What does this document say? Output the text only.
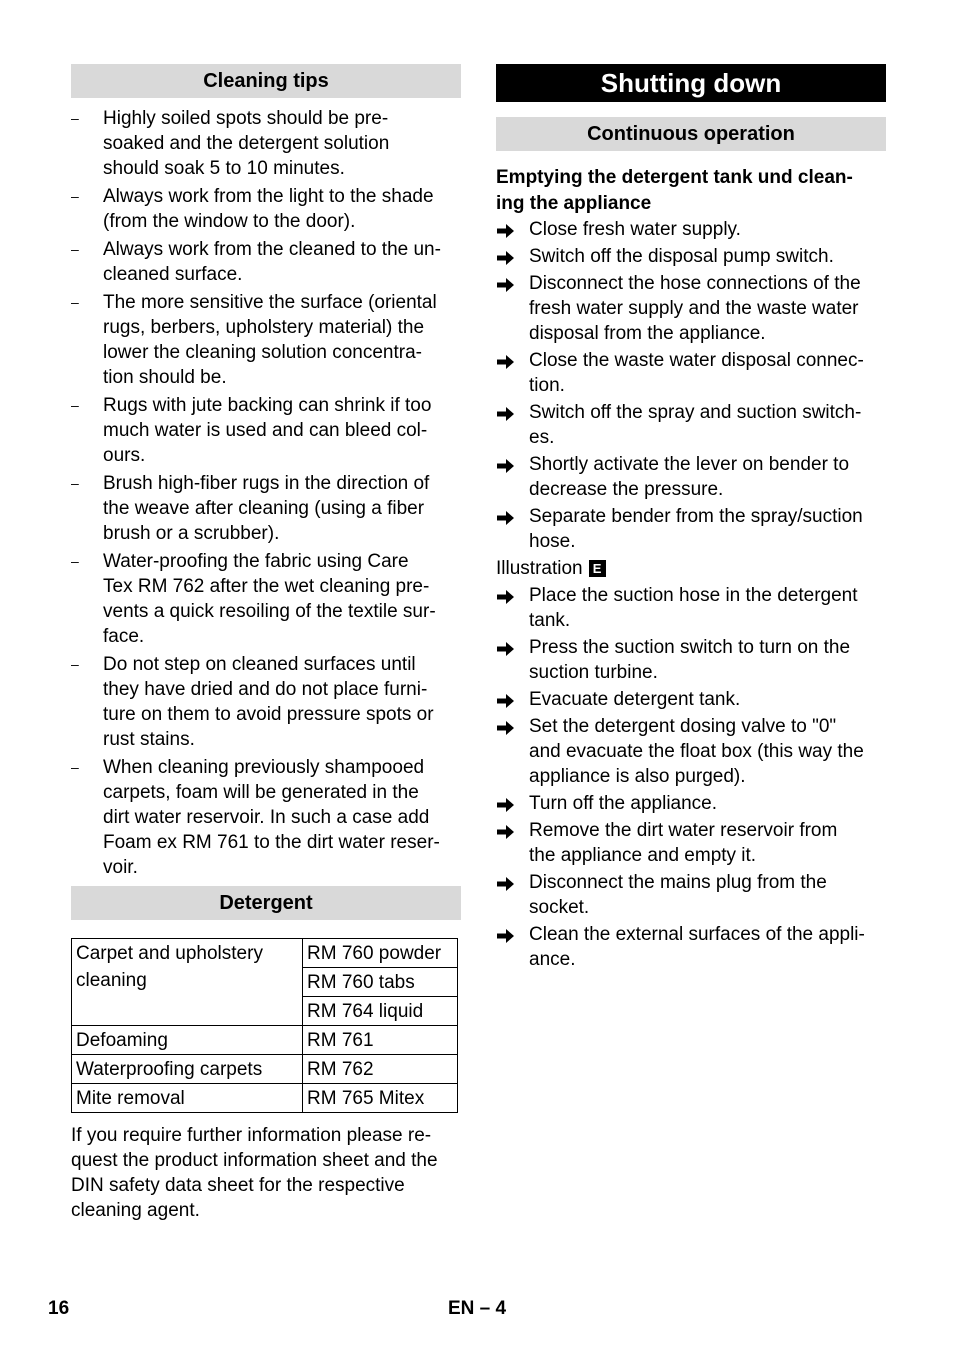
Cleaning tips
– Highly soiled spots should be pre-
soaked and the detergent solution
should soak 5 to 10 minutes.
– Always work from the light to the shade
(from the window to the door).
– Always work from the cleaned to the un-
cleaned surface.
– The more sensitive the surface (oriental
rugs, berbers, upholstery material) the
lower the cleaning solution concentra-
tion should be.
– Rugs with jute backing can shrink if too
much water is used and can bleed col-
ours.
– Brush high-fiber rugs in the direction of
the weave after cleaning (using a fiber
brush or a scrubber).
– Water-proofing the fabric using Care
Tex RM 762 after the wet cleaning pre-
vents a quick resoiling of the textile sur-
face.
– Do not step on cleaned surfaces until
they have dried and do not place furni-
ture on them to avoid pressure spots or
rust stains.
– When cleaning previously shampooed
carpets, foam will be generated in the
dirt water reservoir. In such a case add
Foam ex RM 761 to the dirt water reser-
voir.
Detergent
Carpet and upholstery
cleaning	RM 760 powder
	RM 760 tabs
	RM 764 liquid
Defoaming	RM 761
Waterproofing carpets	RM 762
Mite removal	RM 765 Mitex

If you require further information please re-
quest the product information sheet and the
DIN safety data sheet for the respective
cleaning agent.

Shutting down
Continuous operation

Emptying the detergent tank und clean-
ing the appliance

Close fresh water supply.
Switch off the disposal pump switch.
Disconnect the hose connections of the
fresh water supply and the waste water
disposal from the appliance.
Close the waste water disposal connec-
tion.
Switch off the spray and suction switch-
es.
Shortly activate the lever on bender to
decrease the pressure.
Separate bender from the spray/suction
hose.
Illustration E
Place the suction hose in the detergent
tank.
Press the suction switch to turn on the
suction turbine.
Evacuate detergent tank.
Set the detergent dosing valve to "0"
and evacuate the float box (this way the
appliance is also purged).
Turn off the appliance.
Remove the dirt water reservoir from
the appliance and empty it.
Disconnect the mains plug from the
socket.
Clean the external surfaces of the appli-
ance.
16	EN – 4
